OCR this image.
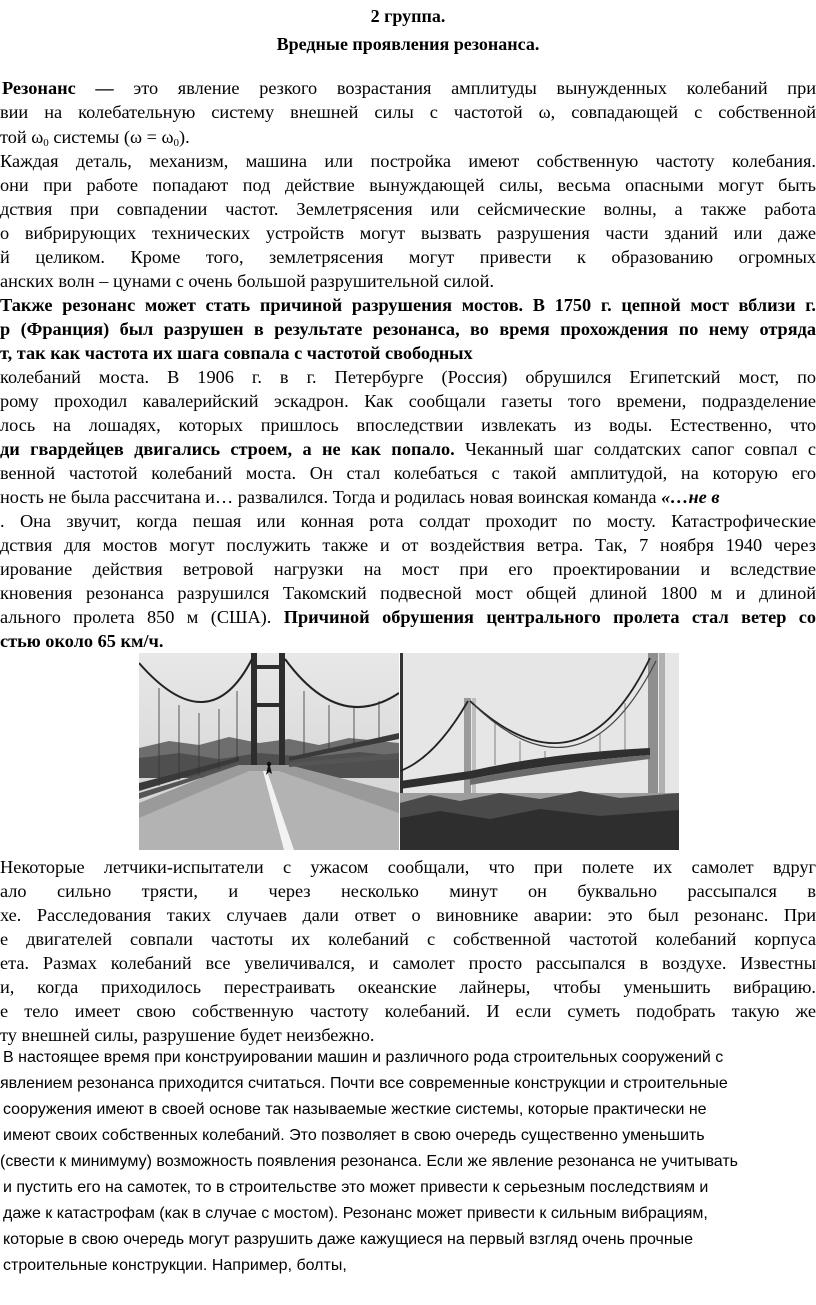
2 группа.
Вредные проявления резонанса.
Резонанс — это явление резкого возрастания амплитуды вынужденных колебаний при
вии на колебательную систему внешней силы с частотой ω, совпадающей с собственной
той $\omega_0$ системы $(\omega = \omega_0)$.
Каждая деталь, механизм, машина или постройка имеют собственную частоту колебания.
они при работе попадают под действие вынуждающей силы, весьма опасными могут быть
дствия при совпадении частот. Землетрясения или сейсмические волны, а также работа
о вибрирующих технических устройств могут вызвать разрушения части зданий или даже
й целиком. Кроме того, землетрясения могут привести к образованию огромных
анских волн – цунами с очень большой разрушительной силой.
Также резонанс может стать причиной разрушения мостов. В 1750 г. цепной мост вблизи г.
р (Франция) был разрушен в результате резонанса, во время прохождения по нему отряда
т, так как частота их шага совпала с частотой свободных
колебаний моста. В 1906 г. в г. Петербурге (Россия) обрушился Египетский мост, по
рому проходил кавалерийский эскадрон. Как сообщали газеты того времени, подразделение
лось на лошадях, которых пришлось впоследствии извлекать из воды. Естественно, что
ди гвардейцев двигались строем, а не как попало. Чеканный шаг солдатских сапог совпал с
венной частотой колебаний моста. Он стал колебаться с такой амплитудой, на которую его
ность не была рассчитана и… развалился. Тогда и родилась новая воинская команда «…не в
. Она звучит, когда пешая или конная рота солдат проходит по мосту. Катастрофические
дствия для мостов могут послужить также и от воздействия ветра. Так, 7 ноября 1940 через
ирование действия ветровой нагрузки на мост при его проектировании и вследствие
кновения резонанса разрушился Такомский подвесной мост общей длиной 1800 м и длиной
ального пролета 850 м (США). Причиной обрушения центрального пролета стал ветер со
стью около 65 км/ч.
Некоторые летчики-испытатели с ужасом сообщали, что при полете их самолет вдруг
ало сильно трясти, и через несколько минут он буквально рассыпался в
хе. Расследования таких случаев дали ответ о виновнике аварии: это был резонанс. При
е двигателей совпали частоты их колебаний с собственной частотой колебаний корпуса
ета. Размах колебаний все увеличивался, и самолет просто рассыпался в воздухе. Известны
и, когда приходилось перестраивать океанские лайнеры, чтобы уменьшить вибрацию.
е тело имеет свою собственную частоту колебаний. И если суметь подобрать такую же
ту внешней силы, разрушение будет неизбежно.
В настоящее время при конструировании машин и различного рода строительных сооружений с
явлением резонанса приходится считаться. Почти все современные конструкции и строительные
сооружения имеют в своей основе так называемые жесткие системы, которые практически не
имеют своих собственных колебаний. Это позволяет в свою очередь существенно уменьшить
(свести к минимуму) возможность появления резонанса. Если же явление резонанса не учитывать
и пустить его на самотек, то в строительстве это может привести к серьезным последствиям и
даже к катастрофам (как в случае с мостом). Резонанс может привести к сильным вибрациям,
которые в свою очередь могут разрушить даже кажущиеся на первый взгляд очень прочные
строительные конструкции. Например, болты,
